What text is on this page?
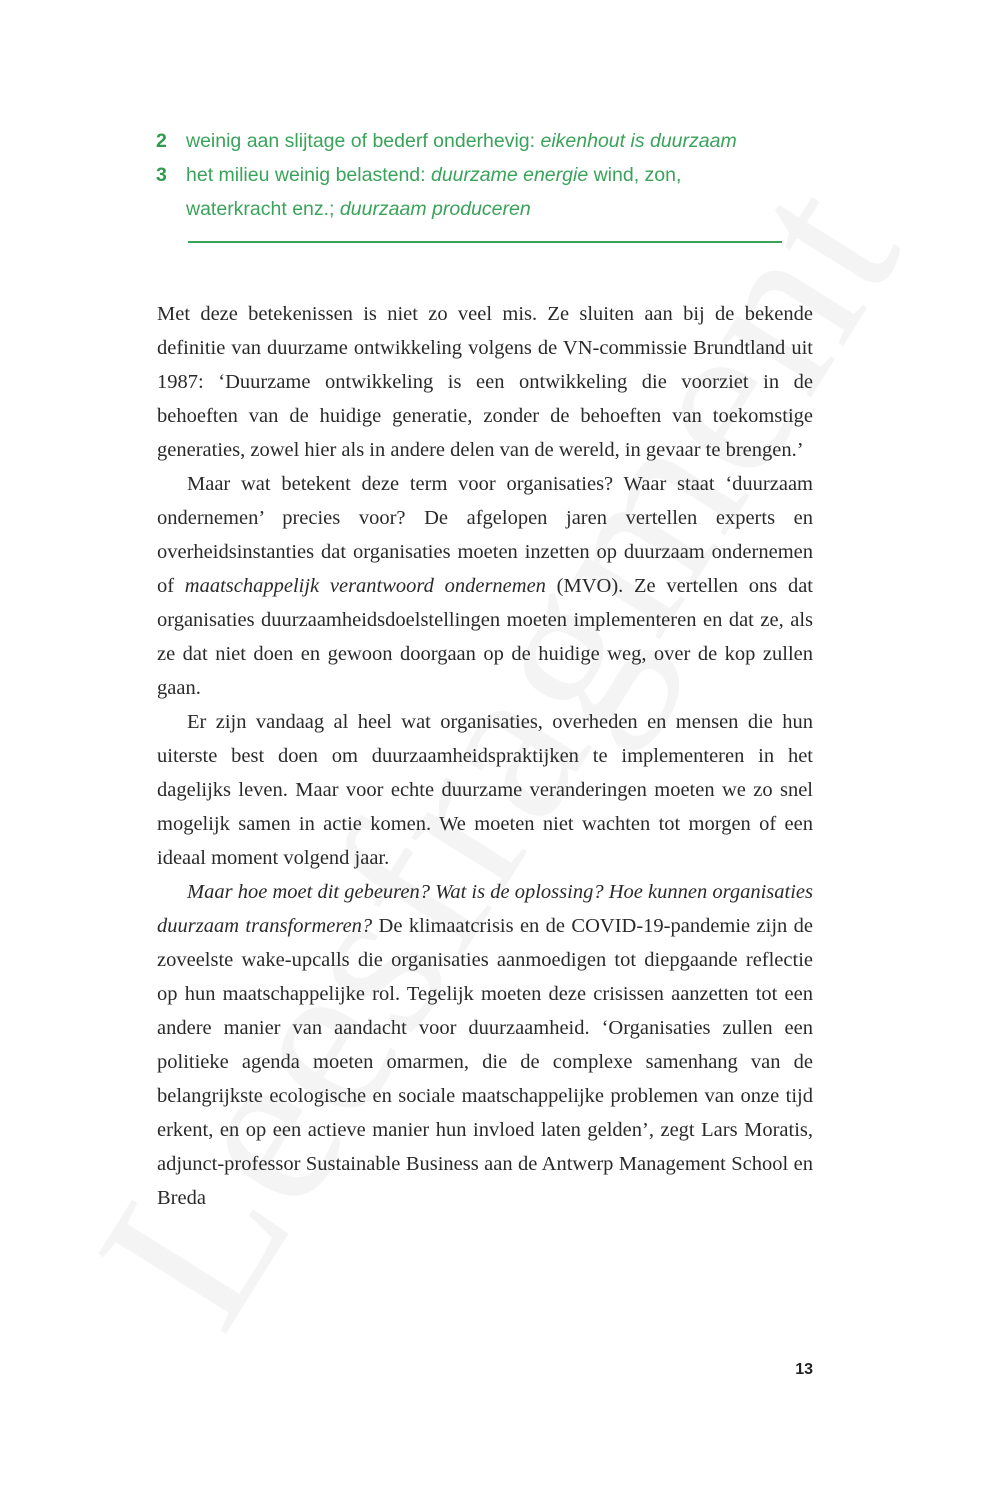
2 weinig aan slijtage of bederf onderhevig: eikenhout is duurzaam
3 het milieu weinig belastend: duurzame energie wind, zon, waterkracht enz.; duurzaam produceren

Met deze betekenissen is niet zo veel mis. Ze sluiten aan bij de bekende definitie van duurzame ontwikkeling volgens de VN-commissie Brundtland uit 1987: ‘Duurzame ontwikkeling is een ontwikkeling die voorziet in de behoeften van de huidige generatie, zonder de behoeften van toekomstige generaties, zowel hier als in andere delen van de wereld, in gevaar te brengen.’

Maar wat betekent deze term voor organisaties? Waar staat ‘duurzaam ondernemen’ precies voor? De afgelopen jaren vertellen experts en overheidsinstanties dat organisaties moeten inzetten op duurzaam ondernemen of maatschappelijk verantwoord ondernemen (MVO). Ze vertellen ons dat organisaties duurzaamheidsdoelstellingen moeten implementeren en dat ze, als ze dat niet doen en gewoon doorgaan op de huidige weg, over de kop zullen gaan.

Er zijn vandaag al heel wat organisaties, overheden en mensen die hun uiterste best doen om duurzaamheidspraktijken te implementeren in het dagelijks leven. Maar voor echte duurzame veranderingen moeten we zo snel mogelijk samen in actie komen. We moeten niet wachten tot morgen of een ideaal moment volgend jaar.

Maar hoe moet dit gebeuren? Wat is de oplossing? Hoe kunnen organisaties duurzaam transformeren? De klimaatcrisis en de COVID-19-pandemie zijn de zoveelste wake-upcalls die organisaties aanmoedigen tot diepgaande reflectie op hun maatschappelijke rol. Tegelijk moeten deze crisissen aanzetten tot een andere manier van aandacht voor duurzaamheid. ‘Organisaties zullen een politieke agenda moeten omarmen, die de complexe samenhang van de belangrijkste ecologische en sociale maatschappelijke problemen van onze tijd erkent, en op een actieve manier hun invloed laten gelden’, zegt Lars Moratis, adjunct-professor Sustainable Business aan de Antwerp Management School en Breda

13
